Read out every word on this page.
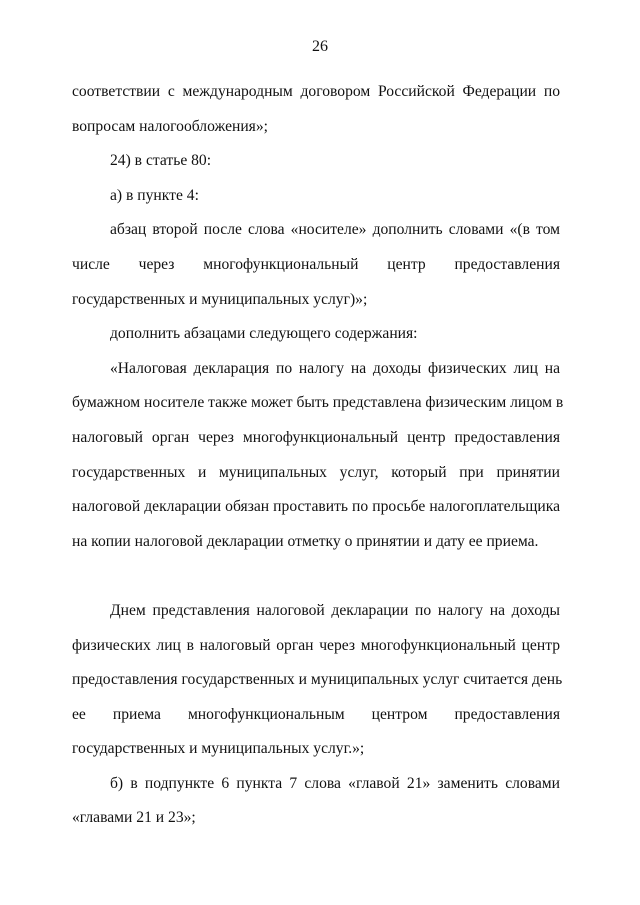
26
соответствии с международным договором Российской Федерации по
вопросам налогообложения»;
24) в статье 80:
а) в пункте 4:
абзац второй после слова «носителе» дополнить словами «(в том
числе через многофункциональный центр предоставления
государственных и муниципальных услуг)»;
дополнить абзацами следующего содержания:
«Налоговая декларация по налогу на доходы физических лиц на
бумажном носителе также может быть представлена физическим лицом в
налоговый орган через многофункциональный центр предоставления
государственных и муниципальных услуг, который при принятии
налоговой декларации обязан проставить по просьбе налогоплательщика
на копии налоговой декларации отметку о принятии и дату ее приема.
Днем представления налоговой декларации по налогу на доходы
физических лиц в налоговый орган через многофункциональный центр
предоставления государственных и муниципальных услуг считается день
ее приема многофункциональным центром предоставления
государственных и муниципальных услуг.»;
б) в подпункте 6 пункта 7 слова «главой 21» заменить словами
«главами 21 и 23»;
